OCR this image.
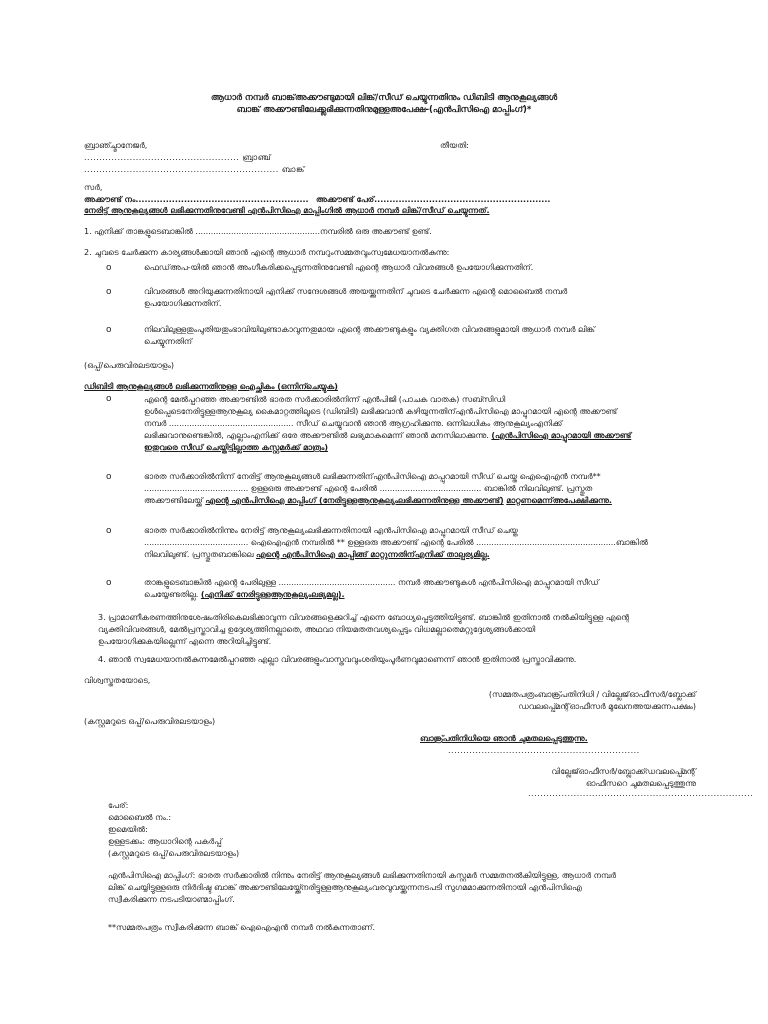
ആധാർ നമ്പർ ബാങ്ക്അക്കൗണ്ടുമായി ലിങ്ക്/സീഡ് ചെയ്യുന്നതിനും ഡിബിടി ആനുകൂല്യങ്ങൾ
ബാങ്ക് അക്കൗണ്ടിലേക്ക്ലഭിക്കുന്നതിനുമുള്ളഅപേക്ഷ-(എൻപിസിഐ മാപ്പിംഗ്)*
ബ്രാഞ്ച്മാനേജർ,	തീയതി:
................................................... ബ്രാഞ്ച്
................................................................ ബാങ്ക്
സർ,
അക്കൗണ്ട് നം......................................................... അക്കൗണ്ട് പേര്..........................................................
നേരിട്ട് ആനുകൂല്യങ്ങൾ ലഭിക്കുന്നതിനുവേണ്ടി എൻപിസിഐ മാപ്പിംഗിൽ ആധാർ നമ്പർ ലിങ്ക്/സീഡ് ചെയ്യുന്നത്.
1. എനിക്ക് താങ്കളുടെബാങ്കിൽ .................................................നമ്പരിൽ ഒരു അക്കൗണ്ട് ഉണ്ട്.
2. ചുവടെ ചേർക്കുന്ന കാര്യങ്ങൾക്കായി ഞാൻ എന്റെ ആധാർ നമ്പറുംസമ്മതവുംസ്വമേധയാനൽകുന്നു:
o	ഫെഡ്അപ-യിൽ ഞാൻ അംഗീകരിക്കപ്പെടുന്നതിനുവേണ്ടി എന്റെ ആധാർ വിവരങ്ങൾ ഉപയോഗിക്കുന്നതിന്.
o	വിവരങ്ങൾ അറിയുക്കുന്നതിനായി എനിക്ക് സന്ദേശങ്ങൾ അയയ്ക്കുന്നതിന് ചുവടെ ചേർക്കുന്ന എന്റെ മൊബൈൽ നമ്പർ
ഉപയോഗിക്കുന്നതിന്.
o	നിലവിലുള്ളതുംപുതിയതുംഭാവിയിലുണ്ടാകാവുന്നതുമായ എന്റെ അക്കൗണ്ടുകളും വ്യക്തിഗത വിവരങ്ങളുമായി ആധാർ നമ്പർ ലിങ്ക്
ചെയ്യുന്നതിന്
(ഒപ്പ്/പെരുവിരലടയാളം)
ഡിബിടി ആനുകൂല്യങ്ങൾ ലഭിക്കുന്നതിനുള്ള ഐച്ഛികം (ഒന്നിന്ചെയ്യുക)
o	എന്റെ മേൽപ്പറഞ്ഞ അക്കൗണ്ടിൽ ഭാരത സർക്കാരിൽനിന്ന് എൻപിജി (പാചക വാതക) സബ്സിഡി
ഉൾപ്പെടെനേരിട്ടുള്ളആനുകൂല്യ കൈമാറ്റത്തിലൂടെ (ഡിബിടി) ലഭിക്കുവാൻ കഴിയുന്നതിന്എൻപിസിഐ മാപ്പുറമായി എന്റെ അക്കൗണ്ട്
നമ്പർ ................................................. സീഡ് ചെയ്യുവാൻ ഞാൻ ആഗ്രഹിക്കുന്നു. ഒന്നിലധികം ആനുകൂല്യംഎനിക്ക്
ലഭിക്കുവാനുണ്ടെങ്കിൽ, എല്ലാംഎനിക്ക് ഒരേ അക്കൗണ്ടിൽ ലഭ്യമാകുമെന്ന് ഞാൻ മനസിലാക്കുന്നു. (എൻപിസിഐ മാപ്പുറമായി അക്കൗണ്ട്
ഇതുവരെ സീഡ് ചെയ്തിട്ടില്ലാത്ത കസ്റ്റമർക്ക് മാത്രം)
o	ഭാരത സർക്കാരിൽനിന്ന് നേരിട്ട് ആനുകൂല്യങ്ങൾ ലഭിക്കുന്നതിന്എൻപിസിഐ മാപ്പുറമായി സീഡ് ചെയ്ത ഐഐഎൻ നമ്പർ**
......................................... ഉള്ളഒരു അക്കൗണ്ട് എന്റെ പേരിൽ ........................................ ബാങ്കിൽ നിലവിലുണ്ട്. പ്രസ്തുത
അക്കൗണ്ടിലേയ്ക്ക് എന്റെ എൻപിസിഐ മാപ്പിംഗ് (നേരിട്ടുള്ളആനുകൂല്യംലഭിക്കുന്നതിനുള്ള അക്കൗണ്ട്) മാറ്റണമെന്ന്അപേക്ഷിക്കുന്നു.
o	ഭാരത സർക്കാരിൽനിന്നും നേരിട്ട് ആനുകൂല്യംലഭിക്കുന്നതിനായി എൻപിസിഐ മാപ്പുറമായി സീഡ് ചെയ്ത
......................................... ഐഐഎൻ നമ്പരിൽ ** ഉള്ളഒരു അക്കൗണ്ട് എന്റെ പേരിൽ .......................................................ബാങ്കിൽ
നിലവിലുണ്ട്. പ്രസ്തുതബാങ്കിലെ എന്റെ എൻപിസിഐ മാപ്പിങ്ങ് മാറ്റുന്നതിന്എനിക്ക് താല്പര്യമില്ല.
o	താങ്കളുടെബാങ്കിൽ എന്റെ പേരിലുള്ള .............................................. നമ്പർ അക്കൗണ്ടുകൾ എൻപിസിഐ മാപ്പുറമായി സീഡ്
ചെയ്യേണ്ടതില്ല. (എനിക്ക് നേരിട്ടുള്ളആനുകൂല്യംലഭ്യമല്ല).
3. പ്രാമാണീകരണത്തിനുശേഷംതിരികെലഭിക്കാവുന്ന വിവരങ്ങളെക്കുറിച്ച് എന്നെ ബോധ്യപ്പെടുത്തിയിട്ടുണ്ട്. ബാങ്കിൽ ഇതിനാൽ നൽകിയിട്ടുള്ള എന്റെ
വ്യക്തിവിവരങ്ങൾ, മേൽപ്രസ്താവിച്ച ഉദ്ദേശ്യത്തിനല്ലാതെ, അഥവാ നിയമതതവശ്യപ്പെടും വിധമല്ലാതെമറ്റുദ്ദേശ്യങ്ങൾക്കായി
ഉപയോഗിക്കുകയില്ലെന്ന് എന്നെ അറിയിച്ചിട്ടുണ്ട്.
4. ഞാൻ സ്വമേധയാനൽകുന്നമേൽപ്പറഞ്ഞ എല്ലാ വിവരങ്ങളുംവാസ്തവവുംശരിയുംപൂർണവുമാണെന്ന് ഞാൻ ഇതിനാൽ പ്രസ്താവിക്കുന്നു.
വിശ്വസ്തതയോടെ,
(സമ്മതപത്രംബാങ്ക്പ്രതിനിധി / വില്ലേജ്ഓഫീസർ/ബ്ലോക്ക്
ഡവലപ്പ്മെന്റ്ഓഫീസർ മുഖേനഅയക്കുന്നപക്ഷം)
(കസ്റ്റമറുടെ ഒപ്പ്/പെരുവിരലടയാളം)
ബാങ്ക്പ്രതിനിധിയെ ഞാൻ ചുമതലപ്പെടുത്തുന്നു.
...............................................................
വില്ലേജ്ഓഫീസർ/ബ്ലോക്ക്ഡവലപ്പ്മെന്റ്
ഓഫീസറെ ചുമതലപ്പെടുത്തുന്നു
..........................................................................
പേര്:
മൊബൈൽ നം.:
ഇമെയിൽ:
ഉള്ളടക്കം: ആധാറിന്റെ പകർപ്പ്
(കസ്റ്റമറുടെ ഒപ്പ്/പെരുവിരലടയാളം)
എൻപിസിഐ മാപ്പിംഗ്: ഭാരത സർക്കാരിൽ നിന്നും നേരിട്ട് ആനുകൂല്യങ്ങൾ ലഭിക്കുന്നതിനായി കസ്റ്റമർ സമ്മതനൽകിയിട്ടുള്ള, ആധാർ നമ്പർ
ലിങ്ക് ചെയ്യിട്ടുള്ളഒരു നിർദിഷ്ട ബാങ്ക് അക്കൗണ്ടിലേയ്ക്ക്നേരിട്ടുള്ളആനുകൂല്യംവരവുവയ്ക്കുന്നനടപടി സുഗമമാക്കുന്നതിനായി എൻപിസിഐ
സ്വീകരിക്കുന്ന നടപടിയാണ്മാപ്പിംഗ്.
**സമ്മതപത്രം സ്വീകരിക്കുന്ന ബാങ്ക് ഐഐഎൻ നമ്പർ നൽകുന്നതാണ്.
